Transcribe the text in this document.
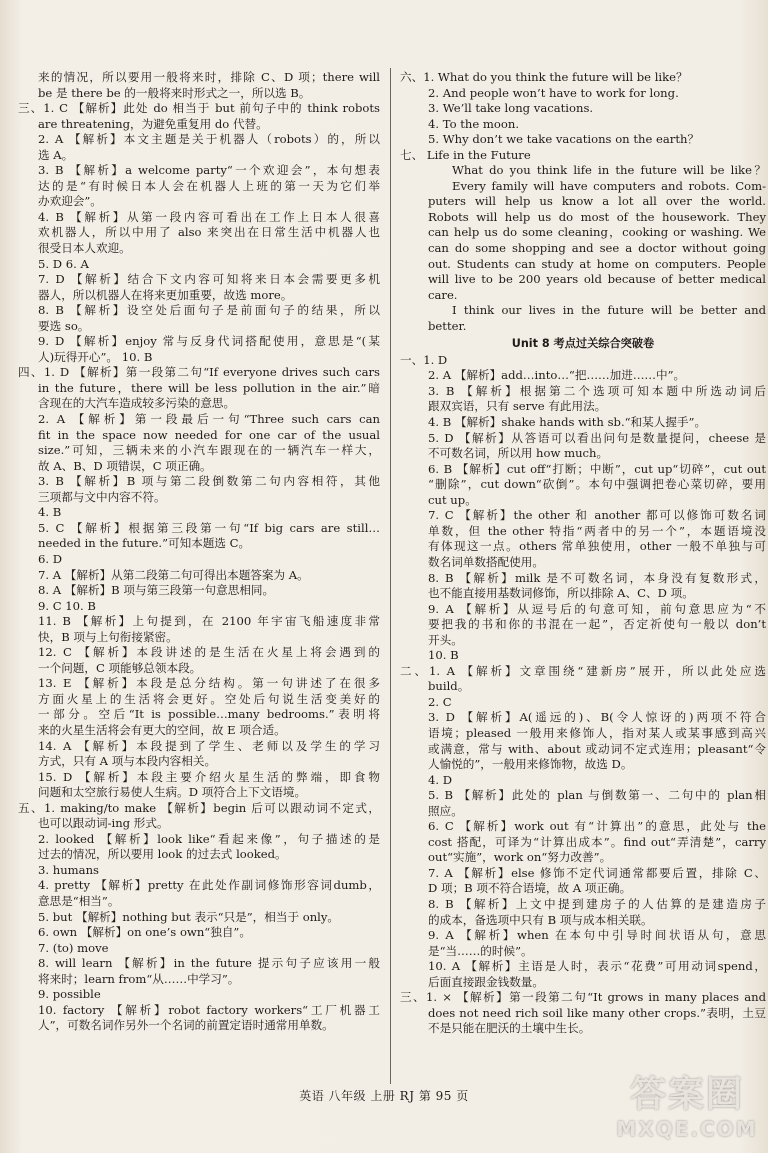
来的情况，所以要用一般将来时，排除 C、D 项；there will
be 是 there be 的一般将来时形式之一，所以选 B。
三、1. C 【解析】此处 do 相当于 but 前句子中的 think robots
are threatening，为避免重复用 do 代替。
2. A 【解析】本文主题是关于机器人（robots）的，所以
选 A。
3. B 【解析】a welcome party“一个欢迎会”，本句想表
达的是“有时候日本人会在机器人上班的第一天为它们举
办欢迎会”。
4. B 【解析】从第一段内容可看出在工作上日本人很喜
欢机器人，所以中用了 also 来突出在日常生活中机器人也
很受日本人欢迎。
5. D 6. A
7. D 【解析】结合下文内容可知将来日本会需要更多机
器人，所以机器人在将来更加重要，故选 more。
8. B 【解析】设空处后面句子是前面句子的结果，所以
要选 so。
9. D 【解析】enjoy 常与反身代词搭配使用，意思是“(某
人)玩得开心”。 10. B
四、1. D 【解析】第一段第二句“If everyone drives such cars
in the future，there will be less pollution in the air.”暗
含现在的大汽车造成较多污染的意思。
2. A 【解析】第一段最后一句“Three such cars can
fit in the space now needed for one car of the usual
size.”可知，三辆未来的小汽车跟现在的一辆汽车一样大，
故 A、B、D 项错误，C 项正确。
3. B 【解析】B 项与第二段倒数第二句内容相符，其他
三项都与文中内容不符。
4. B
5. C 【解析】根据第三段第一句“If big cars are still…
needed in the future.”可知本题选 C。
6. D
7. A 【解析】从第二段第二句可得出本题答案为 A。
8. A 【解析】B 项与第三段第一句意思相同。
9. C 10. B
11. B 【解析】上句提到，在 2100 年宇宙飞船速度非常
快，B 项与上句衔接紧密。
12. C 【解析】本段讲述的是生活在火星上将会遇到的
一个问题，C 项能够总领本段。
13. E 【解析】本段是总分结构。第一句讲述了在很多
方面火星上的生活将会更好。空处后句说生活变美好的
一部分。空后“It is possible…many bedrooms.”表明将
来的火星生活将会有更大的空间，故 E 项合适。
14. A 【解析】本段提到了学生、老师以及学生的学习
方式，只有 A 项与本段内容相关。
15. D 【解析】本段主要介绍火星生活的弊端，即食物
问题和太空旅行易使人生病。D 项符合上下文语境。
五、1. making/to make 【解析】begin 后可以跟动词不定式，
也可以跟动词-ing 形式。
2. looked 【解析】look like“看起来像”，句子描述的是
过去的情况，所以要用 look 的过去式 looked。
3. humans
4. pretty 【解析】pretty 在此处作副词修饰形容词dumb，
意思是“相当”。
5. but 【解析】nothing but 表示“只是”，相当于 only。
6. own 【解析】on one’s own“独自”。
7. (to) move
8. will learn 【解析】in the future 提示句子应该用一般
将来时；learn from“从……中学习”。
9. possible
10. factory 【解析】robot factory workers“工厂机器工
人”，可数名词作另外一个名词的前置定语时通常用单数。
六、1. What do you think the future will be like？
2. And people won’t have to work for long.
3. We’ll take long vacations.
4. To the moon.
5. Why don’t we take vacations on the earth？
七、 Life in the Future
What do you think life in the future will be like？
Every family will have computers and robots. Com-
puters will help us know a lot all over the world.
Robots will help us do most of the housework. They
can help us do some cleaning，cooking or washing. We
can do some shopping and see a doctor without going
out. Students can study at home on computers. People
will live to be 200 years old because of better medical
care.
I think our lives in the future will be better and
better.
Unit 8 考点过关综合突破卷
一、1. D
2. A 【解析】add…into…“把……加进……中”。
3. B 【解析】根据第二个选项可知本题中所选动词后
跟双宾语，只有 serve 有此用法。
4. B 【解析】shake hands with sb.“和某人握手”。
5. D 【解析】从答语可以看出问句是数量提问，cheese 是
不可数名词，所以用 how much。
6. B 【解析】cut off“打断；中断”，cut up“切碎”，cut out
“删除”，cut down“砍倒”。本句中强调把卷心菜切碎，要用
cut up。
7. C 【解析】the other 和 another 都可以修饰可数名词
单数，但 the other 特指“两者中的另一个”，本题语境没
有体现这一点。others 常单独使用，other 一般不单独与可
数名词单数搭配使用。
8. B 【解析】milk 是不可数名词，本身没有复数形式，
也不能直接用基数词修饰，所以排除 A、C、D 项。
9. A 【解析】从逗号后的句意可知，前句意思应为“不
要把我的书和你的书混在一起”，否定祈使句一般以 don’t
开头。
10. B
二、1. A 【解析】文章围绕“建新房”展开，所以此处应选
build。
2. C
3. D 【解析】A(遥远的)、B(令人惊讶的)两项不符合
语境；pleased 一般用来修饰人，指对某人或某事感到高兴
或满意，常与 with、about 或动词不定式连用；pleasant“令
人愉悦的”，一般用来修饰物，故选 D。
4. D
5. B 【解析】此处的 plan 与倒数第一、二句中的 plan相
照应。
6. C 【解析】work out 有“计算出”的意思，此处与 the
cost 搭配，可译为“计算出成本”。find out“弄清楚”，carry
out“实施”，work on“努力改善”。
7. A 【解析】else 修饰不定代词通常都要后置，排除 C、
D 项；B 项不符合语境，故 A 项正确。
8. B 【解析】上文中提到建房子的人估算的是建造房子
的成本，备选项中只有 B 项与成本相关联。
9. A 【解析】when 在本句中引导时间状语从句，意思
是“当……的时候”。
10. A 【解析】主语是人时，表示“花费”可用动词spend，
后面直接跟金钱数量。
三、1. × 【解析】第一段第二句“It grows in many places and
does not need rich soil like many other crops.”表明，土豆
不是只能在肥沃的土壤中生长。
英语 八年级 上册 RJ 第 95 页	答案圈
MXQE.COM
